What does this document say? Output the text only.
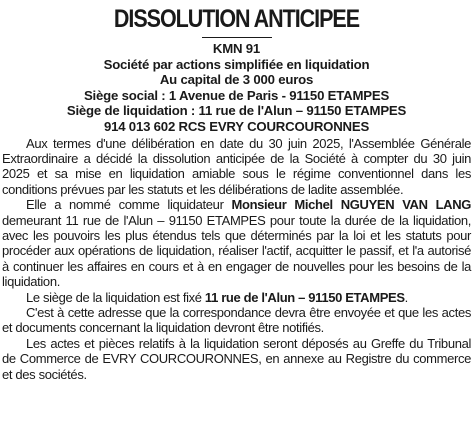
DISSOLUTION ANTICIPEE

KMN 91

Société par actions simplifiée en liquidation

Au capital de 3 000 euros

Siège social : 1 Avenue de Paris - 91150 ETAMPES

Siège de liquidation : 11 rue de l'Alun – 91150 ETAMPES

914 013 602 RCS EVRY COURCOURONNES

Aux termes d'une délibération en date du 30 juin 2025, l'Assemblée Générale Extraordinaire a décidé la dissolution anticipée de la Société à compter du 30 juin 2025 et sa mise en liquidation amiable sous le régime conventionnel dans les conditions prévues par les statuts et les délibérations de ladite assemblée.

Elle a nommé comme liquidateur Monsieur Michel NGUYEN VAN LANG demeurant 11 rue de l'Alun – 91150 ETAMPES pour toute la durée de la liquidation, avec les pouvoirs les plus étendus tels que déterminés par la loi et les statuts pour procéder aux opérations de liquidation, réaliser l'actif, acquitter le passif, et l'a autorisé à continuer les affaires en cours et à en engager de nouvelles pour les besoins de la liquidation.

Le siège de la liquidation est fixé 11 rue de l'Alun – 91150 ETAMPES.

C'est à cette adresse que la correspondance devra être envoyée et que les actes et documents concernant la liquidation devront être notifiés.

Les actes et pièces relatifs à la liquidation seront déposés au Greffe du Tribunal de Commerce de EVRY COURCOURONNES, en annexe au Registre du commerce et des sociétés.
